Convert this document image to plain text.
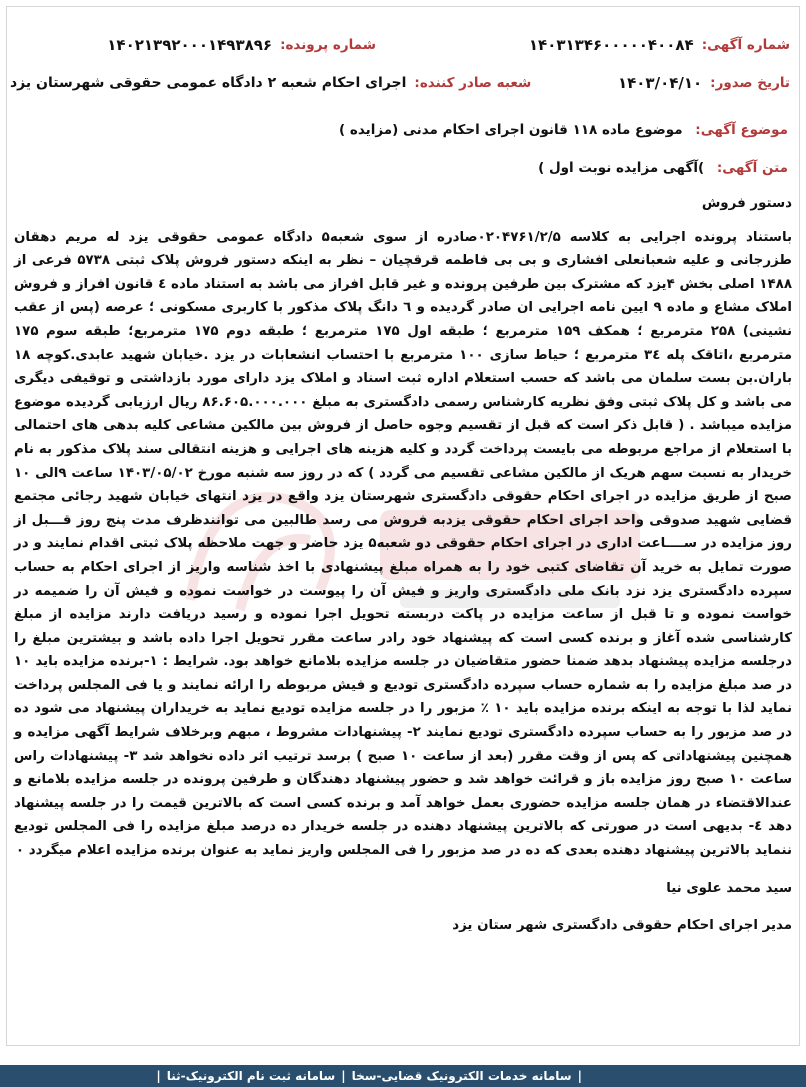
شماره آگهی:
۱۴۰۳۱۳۴۶۰۰۰۰۰۴۰۰۸۴
شماره پرونده:
۱۴۰۲۱۳۹۲۰۰۰۱۴۹۳۸۹۶
تاریخ صدور:
۱۴۰۳/۰۴/۱۰
شعبه صادر کننده:
اجرای احکام شعبه ۲ دادگاه عمومی حقوقی شهرستان یزد
موضوع آگهی: موضوع ماده ۱۱۸ قانون اجرای احکام مدنی (مزایده )
متن آگهی: )آگهی مزایده نوبت اول )
دستور فروش

باستناد پرونده اجرایی به کلاسه ۰۲۰۴۷۶۱/۲/۵صادره از سوی شعبه۵ دادگاه عمومی حقوقی یزد له مریم دهقان طزرجانی و علیه شعبانعلی افشاری و بی بی فاطمه قرقچیان – نظر به اینکه دستور فروش پلاک ثبتی ۵۷۳۸ فرعی از ۱۴۸۸ اصلی بخش ۴یزد که مشترک بین طرفین پرونده و غیر قابل افراز می باشد به استناد ماده ٤ قانون افراز و فروش املاک مشاع و ماده ۹ ایین نامه اجرایی ان صادر گردیده و ٦ دانگ پلاک مذکور با کاربری مسکونی ؛ عرصه (پس از عقب نشینی) ۲۵۸ مترمربع ؛ همکف ۱۵۹ مترمربع ؛ طبقه اول ۱۷۵ مترمربع ؛ طبقه دوم ۱۷۵ مترمربع؛ طبقه سوم ۱۷۵ مترمربع ،اتاقک پله ۳٤ مترمربع ؛ حیاط سازی ۱۰۰ مترمربع با احتساب انشعابات در یزد .خیابان شهید عابدی.کوچه ۱۸ باران.بن بست سلمان می باشد که حسب استعلام اداره ثبت اسناد و املاک یزد دارای مورد بازداشتی و توقیفی دیگری می باشد و کل پلاک ثبتی وفق نظریه کارشناس رسمی دادگستری به مبلغ ۸۶.۶۰۵.۰۰۰.۰۰۰ ریال ارزیابی گردیده موضوع مزایده میباشد . ( قابل ذکر است که قبل از تقسیم وجوه حاصل از فروش بین مالکین مشاعی کلیه بدهی های احتمالی با استعلام از مراجع مربوطه می بایست پرداخت گردد و کلیه هزینه های اجرایی و هزینه انتقالی سند پلاک مذکور به نام خریدار به نسبت سهم هریک از مالکین مشاعی تقسیم می گردد ) که در روز سه شنبه مورخ ۱۴۰۳/۰۵/۰۲ ساعت ۹الی ۱۰ صبح از طریق مزایده در اجرای احکام حقوقی دادگستری شهرستان یزد واقع در یزد انتهای خیابان شهید رجائی مجتمع قضایی شهید صدوقی واحد اجرای احکام حقوقی یزدبه فروش می رسد طالبین می توانندظرف مدت پنج روز قـــبل از روز مزایده در ســــاعت اداری در اجرای احکام حقوقی دو شعبه۵ یزد حاضر و جهت ملاحظه پلاک ثبتی اقدام نمایند و در صورت تمایل به خرید آن تقاضای کتبی خود را به همراه مبلغ پیشنهادی با اخذ شناسه واریز از اجرای احکام به حساب سپرده دادگستری یزد نزد بانک ملی دادگستری واریز و فیش آن را پیوست در خواست نموده و فیش آن را ضمیمه در خواست نموده و تا قبل از ساعت مزایده در پاکت دربسته تحویل اجرا نموده و رسید دریافت دارند مزایده از مبلغ کارشناسی شده آغاز و برنده کسی است که پیشنهاد خود رادر ساعت مقرر تحویل اجرا داده باشد و بیشترین مبلغ را درجلسه مزایده پیشنهاد بدهد ضمنا حضور متقاضیان در جلسه مزایده بلامانع خواهد بود. شرایط : ۱-برنده مزایده باید ۱۰ در صد مبلغ مزایده را به شماره حساب سپرده دادگستری تودیع و فیش مربوطه را ارائه نمایند و یا فی المجلس پرداخت نماید لذا با توجه به اینکه برنده مزایده باید ۱۰ ٪ مزبور را در جلسه مزایده تودیع نماید به خریداران پیشنهاد می شود ده در صد مزبور را به حساب سپرده دادگستری تودیع نمایند ۲- پیشنهادات مشروط ، مبهم وبرخلاف شرایط آگهی مزایده و همچنین پیشنهاداتی که پس از وقت مقرر (بعد از ساعت ۱۰ صبح ) برسد ترتیب اثر داده نخواهد شد ۳- پیشنهادات راس ساعت ۱۰ صبح روز مزایده باز و قرائت خواهد شد و حضور پیشنهاد دهندگان و طرفین پرونده در جلسه مزایده بلامانع و عندالاقتضاء در همان جلسه مزایده حضوری بعمل خواهد آمد و برنده کسی است که بالاترین قیمت را در جلسه پیشنهاد دهد ٤- بدیهی است در صورتی که بالاترین پیشنهاد دهنده در جلسه خریدار ده درصد مبلغ مزایده را فی المجلس تودیع ننماید بالاترین پیشنهاد دهنده بعدی که ده در صد مزبور را فی المجلس واریز نماید به عنوان برنده مزایده اعلام میگردد ۰

سید محمد علوی نیا
مدیر اجرای احکام حقوقی دادگستری شهر ستان یزد
|
سامانه خدمات الکترونیک قضایی-سخا
|
سامانه ثبت نام الکترونیک-ثنا
|
